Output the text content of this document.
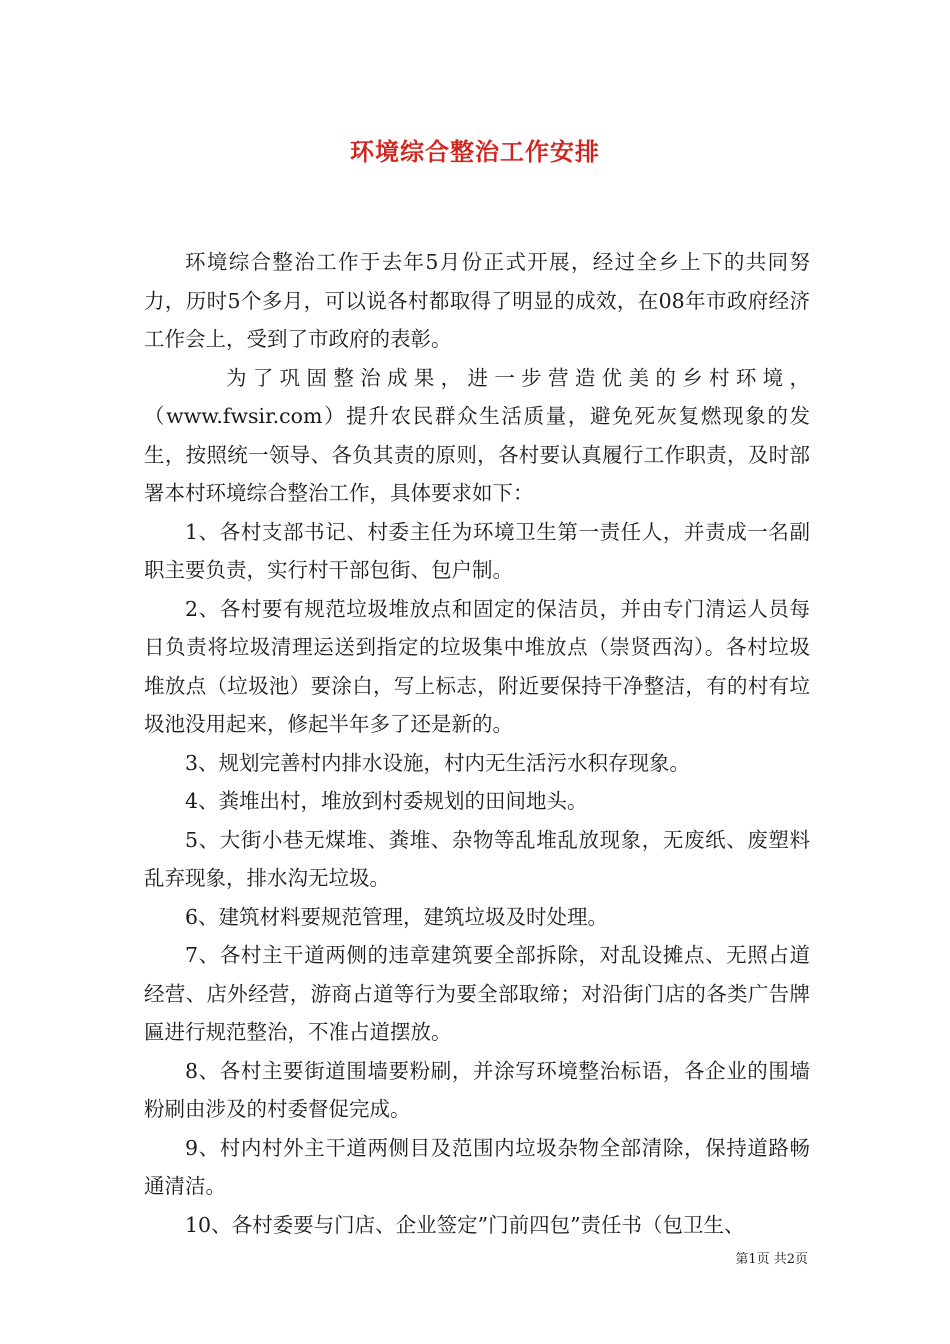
环境综合整治工作安排

环境综合整治工作于去年5月份正式开展，经过全乡上下的共同努力，历时5个多月，可以说各村都取得了明显的成效，在08年市政府经济工作会上，受到了市政府的表彰。

为了巩固整治成果，进一步营造优美的乡村环境，（www.fwsir.com）提升农民群众生活质量，避免死灰复燃现象的发生，按照统一领导、各负其责的原则，各村要认真履行工作职责，及时部署本村环境综合整治工作，具体要求如下：

1、各村支部书记、村委主任为环境卫生第一责任人，并责成一名副职主要负责，实行村干部包街、包户制。

2、各村要有规范垃圾堆放点和固定的保洁员，并由专门清运人员每日负责将垃圾清理运送到指定的垃圾集中堆放点（崇贤西沟）。各村垃圾堆放点（垃圾池）要涂白，写上标志，附近要保持干净整洁，有的村有垃圾池没用起来，修起半年多了还是新的。

3、规划完善村内排水设施，村内无生活污水积存现象。

4、粪堆出村，堆放到村委规划的田间地头。

5、大街小巷无煤堆、粪堆、杂物等乱堆乱放现象，无废纸、废塑料乱弃现象，排水沟无垃圾。

6、建筑材料要规范管理，建筑垃圾及时处理。

7、各村主干道两侧的违章建筑要全部拆除，对乱设摊点、无照占道经营、店外经营，游商占道等行为要全部取缔；对沿街门店的各类广告牌匾进行规范整治，不准占道摆放。

8、各村主要街道围墙要粉刷，并涂写环境整治标语，各企业的围墙粉刷由涉及的村委督促完成。

9、村内村外主干道两侧目及范围内垃圾杂物全部清除，保持道路畅通清洁。

10、各村委要与门店、企业签定”门前四包”责任书（包卫生、

第1页 共2页
